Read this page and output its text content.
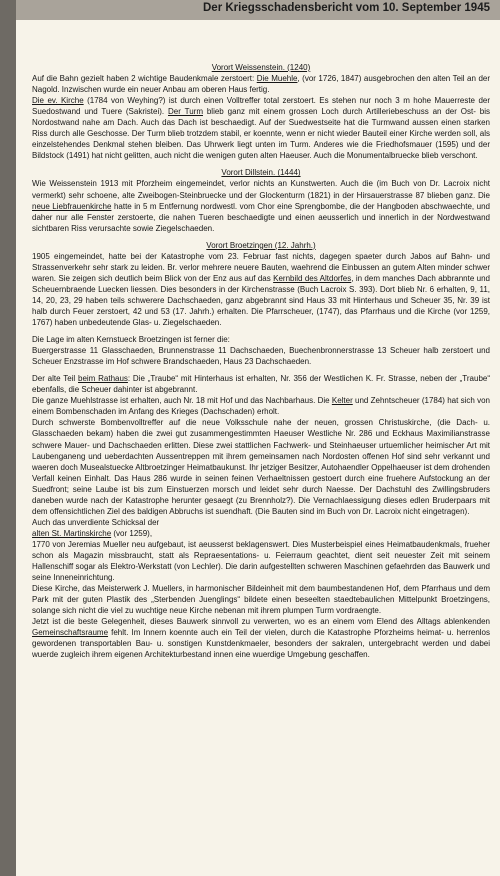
Der Kriegsschadensbericht vom 10. September 1945
Vorort Weissenstein. (1240)

Auf die Bahn gezielt haben 2 wichtige Baudenkmale zerstoert: Die Muehle, (vor 1726, 1847) ausgebrochen den alten Teil an der Nagold. Inzwischen wurde ein neuer Anbau am oberen Haus fertig.

Die ev. Kirche (1784 von Weyhing?) ist durch einen Volltreffer total zerstoert. Es stehen nur noch 3 m hohe Mauerreste der Suedostwand und Tuere (Sakristei). Der Turm blieb ganz mit einem grossen Loch durch Artilleriebeschuss an der Ost- bis Nordostwand nahe am Dach. Auch das Dach ist beschaedigt. Auf der Suedwestseite hat die Turmwand aussen einen starken Riss durch alle Geschosse. Der Turm blieb trotzdem stabil, er koennte, wenn er nicht wieder Bauteil einer Kirche werden soll, als einzelstehendes Denkmal stehen bleiben. Das Uhrwerk liegt unten im Turm. Anderes wie die Friedhofsmauer (1595) und der Bildstock (1491) hat nicht gelitten, auch nicht die wenigen guten alten Haeuser. Auch die Monumentalbruecke blieb verschont.

Vorort Dillstein. (1444)

Wie Weissenstein 1913 mit Pforzheim eingemeindet, verlor nichts an Kunstwerten. Auch die (im Buch von Dr. Lacroix nicht vermerkt) sehr schoene, alte Zweibogen-Steinbruecke und der Glockenturm (1821) in der Hirsauerstrasse 87 blieben ganz. Die neue Liebfrauenkirche hatte in 5 m Entfernung nordwestl. vom Chor eine Sprengbombe, die der Hangboden abschwaechte, und daher nur alle Fenster zerstoerte, die nahen Tueren beschaedigte und einen aeusserlich und innerlich in der Nordwestwand sichtbaren Riss verursachte sowie Ziegelschaeden.

Vorort Broetzingen (12. Jahrh.)

1905 eingemeindet, hatte bei der Katastrophe vom 23. Februar fast nichts, dagegen spaeter durch Jabos auf Bahn- und Strassenverkehr sehr stark zu leiden. Br. verlor mehrere neuere Bauten, waehrend die Einbussen an gutem Alten minder schwer waren. Sie zeigen sich deutlich beim Blick von der Enz aus auf das Kernbild des Altdorfes, in dem manches Dach abbrannte und Scheuernbraende Luecken liessen. Dies besonders in der Kirchenstrasse (Buch Lacroix S. 393). Dort blieb Nr. 6 erhalten, 9, 11, 14, 20, 23, 29 haben teils schwerere Dachschaeden, ganz abgebrannt sind Haus 33 mit Hinterhaus und Scheuer 35, Nr. 39 ist halb durch Feuer zerstoert, 42 und 53 (17. Jahrh.) erhalten. Die Pfarrscheuer, (1747), das Pfarrhaus und die Kirche (vor 1259, 1767) haben unbedeutende Glas- u. Ziegelschaeden.

Die Lage im alten Kernstueck Broetzingen ist ferner die:

Buergerstrasse 11 Glasschaeden, Brunnenstrasse 11 Dachschaeden, Buechenbronnerstrasse 13 Scheuer halb zerstoert und Scheuer Enzstrasse im Hof schwere Brandschaeden, Haus 23 Dachschaeden.

Der alte Teil beim Rathaus: Die „Traube“ mit Hinterhaus ist erhalten, Nr. 356 der Westlichen K. Fr. Strasse, neben der „Traube“ ebenfalls, die Scheuer dahinter ist abgebrannt.

Die ganze Muehlstrasse ist erhalten, auch Nr. 18 mit Hof und das Nachbarhaus. Die Kelter und Zehntscheuer (1784) hat sich von einem Bombenschaden im Anfang des Krieges (Dachschaden) erholt.

Durch schwerste Bombenvolltreffer auf die neue Volksschule nahe der neuen, grossen Christuskirche, (die Dach- u. Glasschaeden bekam) haben die zwei gut zusammengestimmten Haeuser Westliche Nr. 286 und Eckhaus Maximilianstrasse schwere Mauer- und Dachschaeden erlitten. Diese zwei stattlichen Fachwerk- und Steinhaeuser urtuemlicher heimischer Art mit Laubenganeng und ueberdachten Aussentreppen mit ihrem gemeinsamen nach Nordosten offenen Hof sind sehr verkannt und waeren doch Musealstuecke Altbroetzinger Heimatbaukunst. Ihr jetziger Besitzer, Autohaendler Oppelhaeuser ist dem drohenden Verfall keinen Einhalt. Das Haus 286 wurde in seinen feinen Verhaeltnissen gestoert durch eine fruehere Aufstockung an der Suedfront; seine Laube ist bis zum Einstuerzen morsch und leidet sehr durch Naesse. Der Dachstuhl des Zwillingsbruders daneben wurde nach der Katastrophe herunter gesaegt (zu Brennholz?). Die Vernachlaessigung dieses edlen Bruderpaars mit dem offensichtlichen Ziel des baldigen Abbruchs ist suendhaft. (Die Bauten sind im Buch von Dr. Lacroix nicht eingetragen).

Auch das unverdiente Schicksal der

alten St. Martinskirche (vor 1259),

1770 von Jeremias Mueller neu aufgebaut, ist aeusserst beklagenswert. Dies Musterbeispiel eines Heimatbaudenkmals, frueher schon als Magazin missbraucht, statt als Repraesentations- u. Feierraum geachtet, dient seit neuester Zeit mit seinem Hallenschiff sogar als Elektro-Werkstatt (von Lechler). Die darin aufgestellten schweren Maschinen gefaehrden das Bauwerk und seine Inneneinrichtung.

Diese Kirche, das Meisterwerk J. Muellers, in harmonischer Bildeinheit mit dem baumbestandenen Hof, dem Pfarrhaus und dem Park mit der guten Plastik des „Sterbenden Juenglings“ bildete einen beseelten staedtebaulichen Mittelpunkt Broetzingens, solange sich nicht die viel zu wuchtige neue Kirche nebenan mit ihrem plumpen Turm vordraengte.

Jetzt ist die beste Gelegenheit, dieses Bauwerk sinnvoll zu verwerten, wo es an einem vom Elend des Alltags ablenkenden Gemeinschaftsraume fehlt. Im Innern koennte auch ein Teil der vielen, durch die Katastrophe Pforzheims heimat- u. herrenlos gewordenen transportablen Bau- u. sonstigen Kunstdenkmaeler, besonders der sakralen, untergebracht werden und dabei wuerde zugleich ihrem eigenen Architekturbestand innen eine wuerdige Umgebung geschaffen.
